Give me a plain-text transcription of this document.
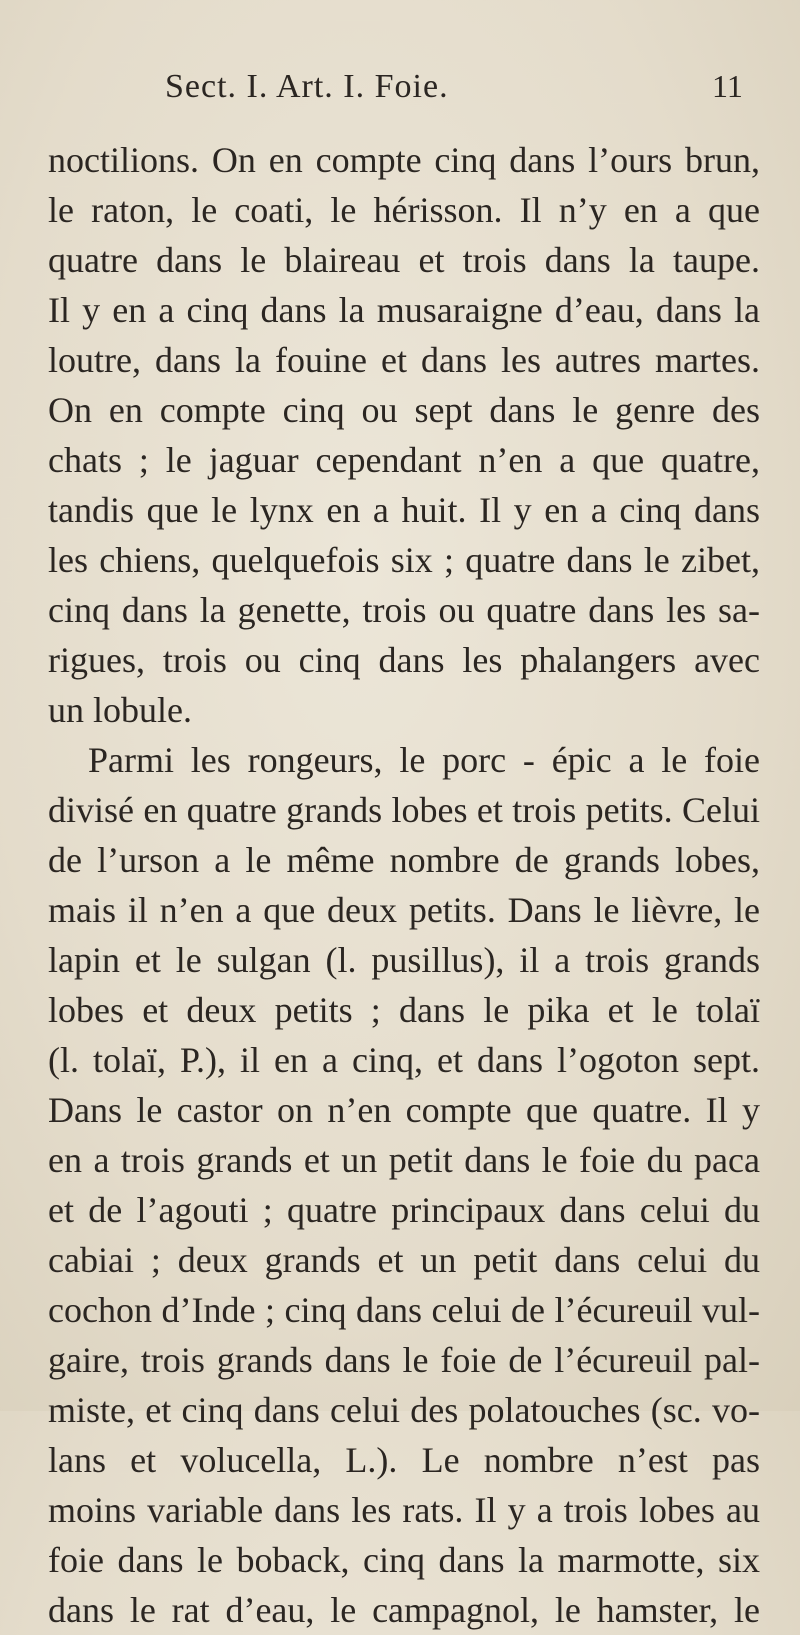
Sect. I. Art. I. Foie.	11
noctilions. On en compte cinq dans l’ours brun,
le raton, le coati, le hérisson. Il n’y en a que
quatre dans le blaireau et trois dans la taupe.
Il y en a cinq dans la musaraigne d’eau, dans la
loutre, dans la fouine et dans les autres martes.
On en compte cinq ou sept dans le genre des
chats ; le jaguar cependant n’en a que quatre,
tandis que le lynx en a huit. Il y en a cinq dans
les chiens, quelquefois six ; quatre dans le zibet,
cinq dans la genette, trois ou quatre dans les sa-
rigues, trois ou cinq dans les phalangers avec
un lobule.
Parmi les rongeurs, le porc - épic a le foie
divisé en quatre grands lobes et trois petits. Celui
de l’urson a le même nombre de grands lobes,
mais il n’en a que deux petits. Dans le lièvre, le
lapin et le sulgan (l. pusillus), il a trois grands
lobes et deux petits ; dans le pika et le tolaï
(l. tolaï, P.), il en a cinq, et dans l’ogoton sept.
Dans le castor on n’en compte que quatre. Il y
en a trois grands et un petit dans le foie du paca
et de l’agouti ; quatre principaux dans celui du
cabiai ; deux grands et un petit dans celui du
cochon d’Inde ; cinq dans celui de l’écureuil vul-
gaire, trois grands dans le foie de l’écureuil pal-
miste, et cinq dans celui des polatouches (sc. vo-
lans et volucella, L.). Le nombre n’est pas
moins variable dans les rats. Il y a trois lobes au
foie dans le boback, cinq dans la marmotte, six
dans le rat d’eau, le campagnol, le hamster, le
